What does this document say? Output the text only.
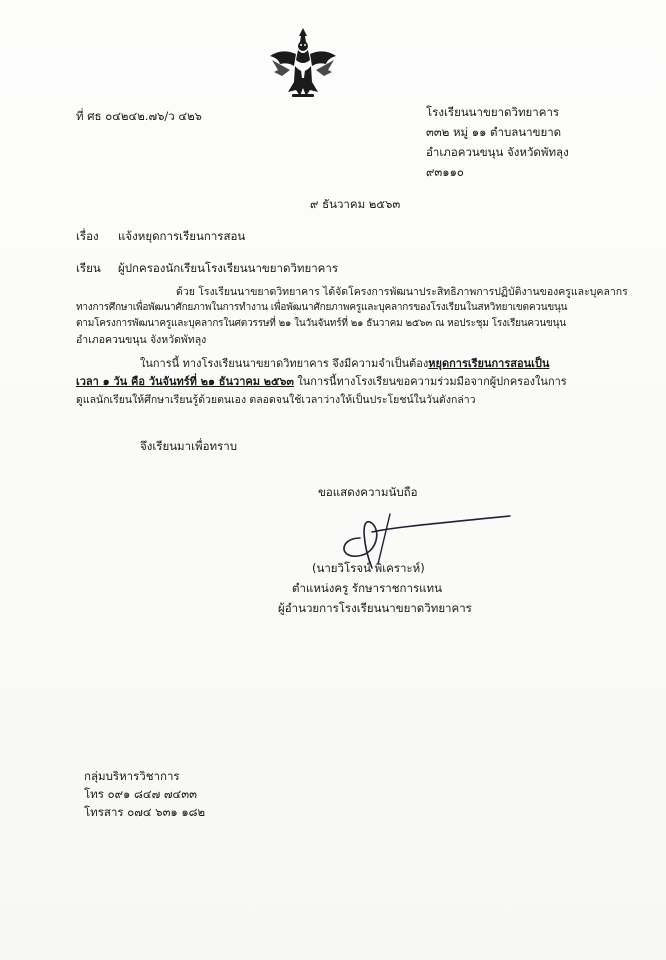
ที่ ศธ ๐๔๒๔๒.๗๖/ว ๔๒๖	โรงเรียนนาขยาดวิทยาคาร
๓๓๒ หมู่ ๑๑ ตำบลนาขยาด
อำเภอควนขนุน จังหวัดพัทลุง
๙๓๑๑๐
๙ ธันวาคม ๒๕๖๓
เรื่อง แจ้งหยุดการเรียนการสอน
เรียน ผู้ปกครองนักเรียนโรงเรียนนาขยาดวิทยาคาร
ด้วย โรงเรียนนาขยาดวิทยาคาร ได้จัดโครงการพัฒนาประสิทธิภาพการปฏิบัติงานของครูและบุคลากร
ทางการศึกษาเพื่อพัฒนาศักยภาพในการทำงาน เพื่อพัฒนาศักยภาพครูและบุคลากรของโรงเรียนในสหวิทยาเขตควนขนุน
ตามโครงการพัฒนาครูและบุคลากรในศตวรรษที่ ๒๑ ในวันจันทร์ที่ ๒๑ ธันวาคม ๒๕๖๓ ณ หอประชุม โรงเรียนควนขนุน
อำเภอควนขนุน จังหวัดพัทลุง
ในการนี้ ทางโรงเรียนนาขยาดวิทยาคาร จึงมีความจำเป็นต้องหยุดการเรียนการสอนเป็น
เวลา ๑ วัน คือ วันจันทร์ที่ ๒๑ ธันวาคม ๒๕๖๓ ในการนี้ทางโรงเรียนขอความร่วมมือจากผู้ปกครองในการ
ดูแลนักเรียนให้ศึกษาเรียนรู้ด้วยตนเอง ตลอดจนใช้เวลาว่างให้เป็นประโยชน์ในวันดังกล่าว
จึงเรียนมาเพื่อทราบ
ขอแสดงความนับถือ
(นายวิโรจน์ พิเคราะห์)
ตำแหน่งครู รักษาราชการแทน
ผู้อำนวยการโรงเรียนนาขยาดวิทยาคาร
กลุ่มบริหารวิชาการ
โทร ๐๙๑ ๘๔๗ ๗๔๓๓
โทรสาร ๐๗๔ ๖๓๑ ๑๘๒
